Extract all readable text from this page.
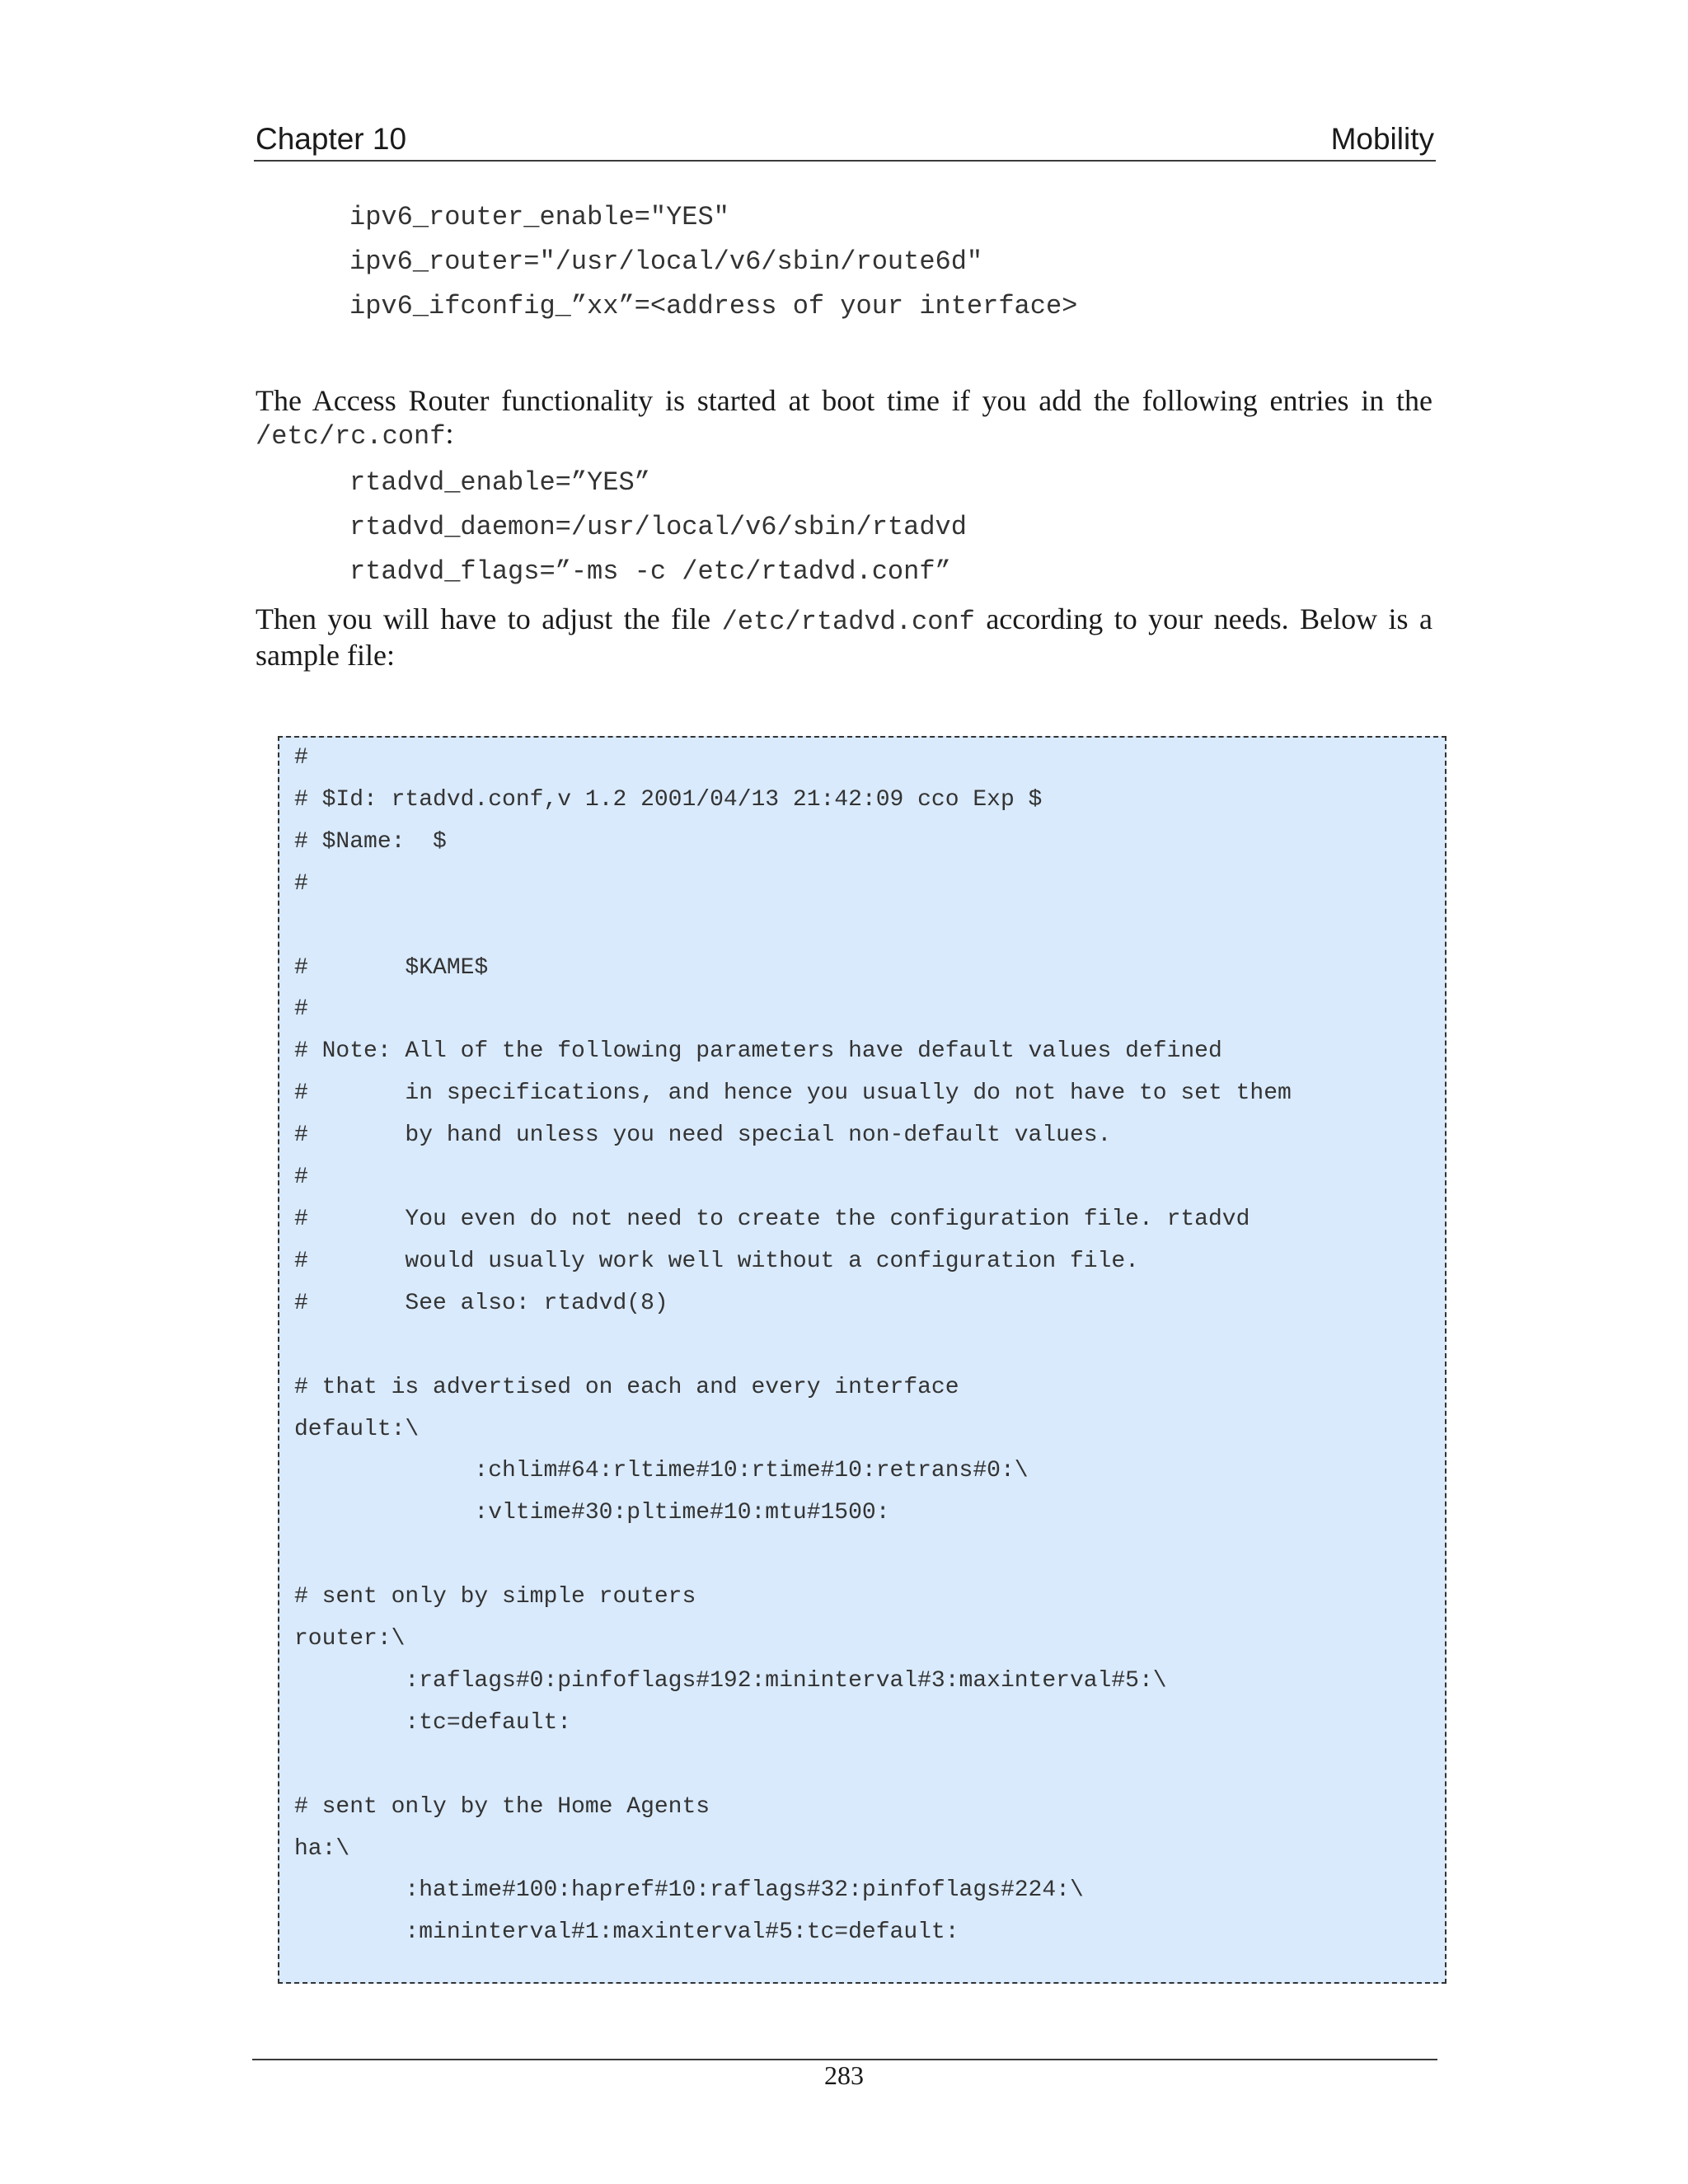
Chapter 10	Mobility
ipv6_router_enable="YES"
ipv6_router="/usr/local/v6/sbin/route6d"
ipv6_ifconfig_”xx”=<address of your interface>

The Access Router functionality is started at boot time if you add the following entries in the /etc/rc.conf:

rtadvd_enable=”YES”
rtadvd_daemon=/usr/local/v6/sbin/rtadvd
rtadvd_flags=”-ms -c /etc/rtadvd.conf”

Then you will have to adjust the file /etc/rtadvd.conf according to your needs. Below is a sample file:

#
# $Id: rtadvd.conf,v 1.2 2001/04/13 21:42:09 cco Exp $
# $Name:  $
#

#       $KAME$
#
# Note: All of the following parameters have default values defined
#       in specifications, and hence you usually do not have to set them
#       by hand unless you need special non-default values.
#
#       You even do not need to create the configuration file. rtadvd
#       would usually work well without a configuration file.
#       See also: rtadvd(8)

# that is advertised on each and every interface
default:\
:chlim#64:rltime#10:rtime#10:retrans#0:\
:vltime#30:pltime#10:mtu#1500:

# sent only by simple routers
router:\
:raflags#0:pinfoflags#192:mininterval#3:maxinterval#5:\
:tc=default:

# sent only by the Home Agents
ha:\
:hatime#100:hapref#10:raflags#32:pinfoflags#224:\
:mininterval#1:maxinterval#5:tc=default:
283
